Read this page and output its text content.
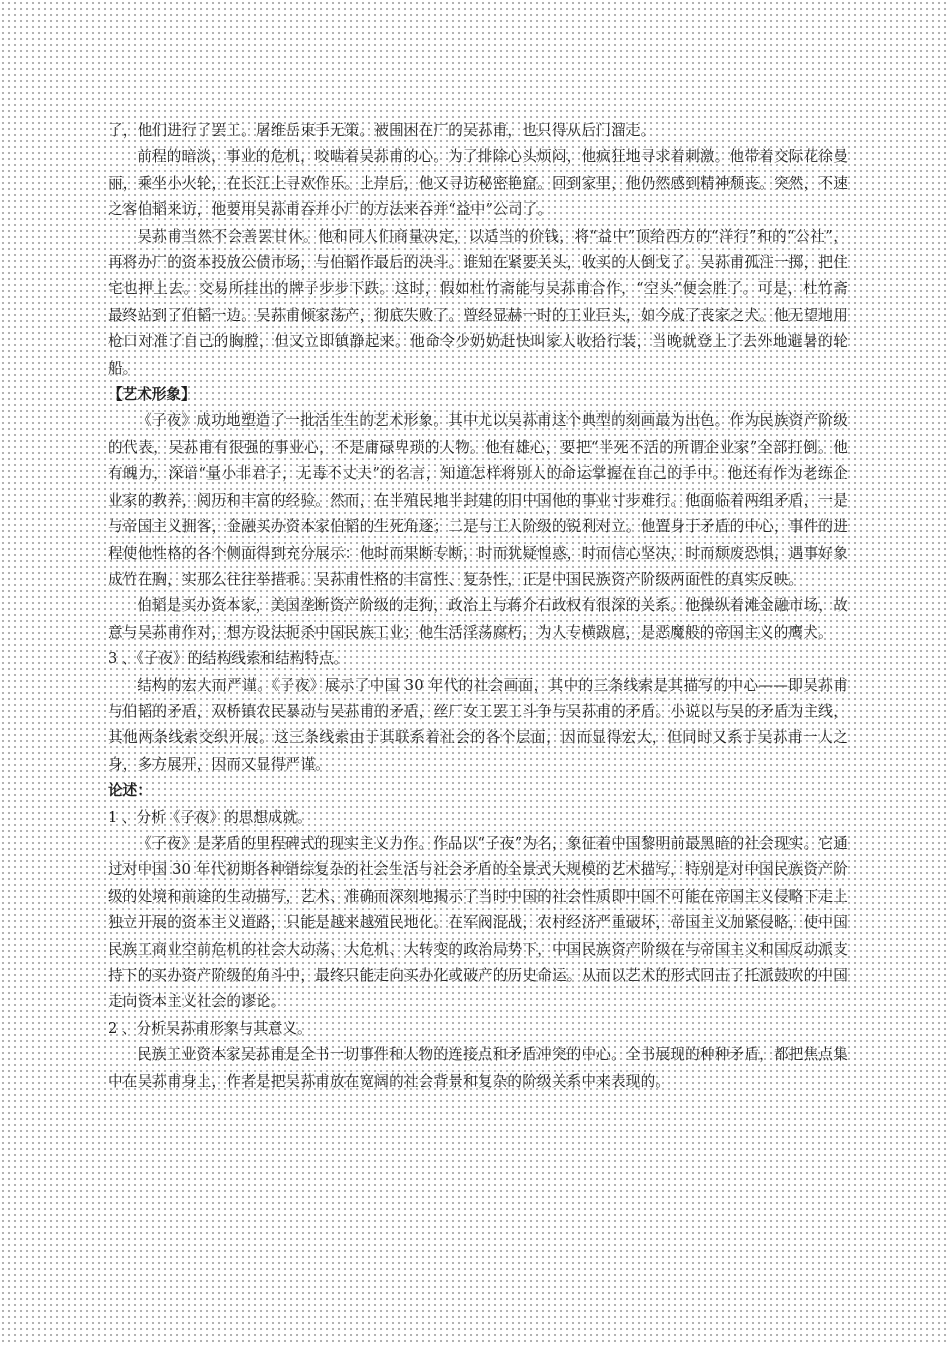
了，他们进行了罢工。屠维岳束手无策。被围困在厂的吴荪甫，也只得从后门溜走。

前程的暗淡，事业的危机，咬啮着吴荪甫的心。为了排除心头烦闷，他疯狂地寻求着刺激。他带着交际花徐曼丽，乘坐小火轮，在长江上寻欢作乐。上岸后，他又寻访秘密艳窟。回到家里，他仍然感到精神颓丧。突然，不速之客伯韬来访，他要用吴荪甫吞并小厂的方法来吞并“益中”公司了。

吴荪甫当然不会善罢甘休。他和同人们商量决定，以适当的价钱，将“益中”顶给西方的“洋行”和的“公社”，再将办厂的资本投放公债市场，与伯韬作最后的决斗。谁知在紧要关头，收买的人倒戈了。吴荪甫孤注一掷，把住宅也押上去。交易所挂出的牌子步步下跌。这时，假如杜竹斋能与吴荪甫合作，“空头”便会胜了。可是，杜竹斋最终站到了伯韬一边。吴荪甫倾家荡产，彻底失败了。曾经显赫一时的工业巨头，如今成了丧家之犬。他无望地用枪口对准了自己的胸膛，但又立即镇静起来。他命令少奶奶赶快叫家人收拾行装，当晚就登上了去外地避暑的轮船。

【艺术形象】

《子夜》成功地塑造了一批活生生的艺术形象。其中尤以吴荪甫这个典型的刻画最为出色。作为民族资产阶级的代表，吴荪甫有很强的事业心，不是庸碌卑琐的人物。他有雄心，要把“半死不活的所谓企业家”全部打倒。他有魄力，深谙“量小非君子，无毒不丈夫”的名言，知道怎样将别人的命运掌握在自己的手中。他还有作为老练企业家的教养，阅历和丰富的经验。然而，在半殖民地半封建的旧中国他的事业寸步难行。他面临着两组矛盾，一是与帝国主义拥客，金融买办资本家伯韬的生死角逐；二是与工人阶级的锐利对立。他置身于矛盾的中心，事件的进程使他性格的各个侧面得到充分展示：他时而果断专断，时而犹疑惶惑，时而信心坚决，时而颓废恐惧，遇事好象成竹在胸，实那么往往举措乖。吴荪甫性格的丰富性、复杂性，正是中国民族资产阶级两面性的真实反映。

伯韬是买办资本家，美国垄断资产阶级的走狗，政治上与蒋介石政权有很深的关系。他操纵着滩金融市场，故意与吴荪甫作对，想方设法扼杀中国民族工业；他生活淫荡腐朽，为人专横跋扈，是恶魔般的帝国主义的鹰犬。

3 、《子夜》的结构线索和结构特点。

结构的宏大而严谨。《子夜》展示了中国 30 年代的社会画面，其中的三条线索是其描写的中心——即吴荪甫与伯韬的矛盾，双桥镇农民暴动与吴荪甫的矛盾，丝厂女工罢工斗争与吴荪甫的矛盾。小说以与吴的矛盾为主线，其他两条线索交织开展。这三条线索由于其联系着社会的各个层面，因而显得宏大，但同时又系于吴荪甫一人之身，多方展开，因而又显得严谨。

论述：

1 、分析《子夜》的思想成就。

《子夜》是茅盾的里程碑式的现实主义力作。作品以“子夜”为名，象征着中国黎明前最黑暗的社会现实。它通过对中国 30 年代初期各种错综复杂的社会生活与社会矛盾的全景式大规模的艺术描写，特别是对中国民族资产阶级的处境和前途的生动描写，艺术、准确而深刻地揭示了当时中国的社会性质即中国不可能在帝国主义侵略下走上独立开展的资本主义道路，只能是越来越殖民地化。在军阀混战，农村经济严重破坏，帝国主义加紧侵略，使中国民族工商业空前危机的社会大动荡、大危机、大转变的政治局势下，中国民族资产阶级在与帝国主义和国反动派支持下的买办资产阶级的角斗中，最终只能走向买办化或破产的历史命运。从而以艺术的形式回击了托派鼓吹的中国走向资本主义社会的谬论。

2 、分析吴荪甫形象与其意义。

民族工业资本家吴荪甫是全书一切事件和人物的连接点和矛盾冲突的中心。全书展现的种种矛盾，都把焦点集中在吴荪甫身上，作者是把吴荪甫放在宽阔的社会背景和复杂的阶级关系中来表现的。
